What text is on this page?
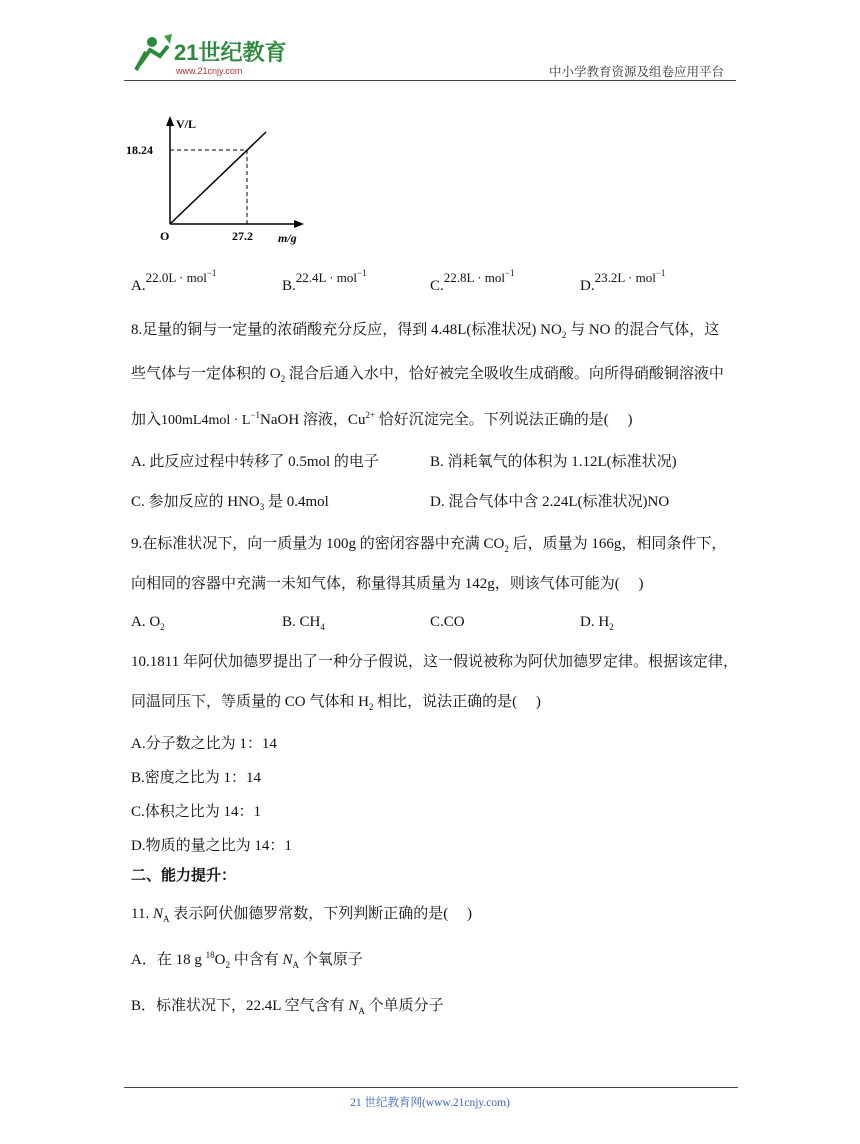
21世纪教育
www.21cnjy.com	中小学教育资源及组卷应用平台
V/L
18.24
O	27.2 m/g
A.22.0L · mol$^{-1}$
B.22.4L · mol$^{-1}$
C.22.8L · mol$^{-1}$
D.23.2L · mol$^{-1}$
8.足量的铜与一定量的浓硝酸充分反应，得到 4.48L(标准状况) $NO_2$ 与 NO 的混合气体，这
些气体与一定体积的 $O_2$ 混合后通入水中，恰好被完全吸收生成硝酸。向所得硝酸铜溶液中
加入$100mL4mol \cdot L^{-1}NaOH$ 溶液，$Cu^{2+}$ 恰好沉淀完全。下列说法正确的是(　 )
A. 此反应过程中转移了 0.5mol 的电子	B. 消耗氧气的体积为 1.12L(标准状况)
C. 参加反应的 $HNO_3$ 是 0.4mol	D. 混合气体中含 2.24L(标准状况)NO
9.在标准状况下，向一质量为 100g 的密闭容器中充满 $CO_2$ 后，质量为 166g，相同条件下，
向相同的容器中充满一未知气体，称量得其质量为 142g，则该气体可能为(　 )
A. $O_2$	B. $CH_4$	C.CO	D. $H_2$
10.1811 年阿伏加德罗提出了一种分子假说，这一假说被称为阿伏加德罗定律。根据该定律，
同温同压下，等质量的 CO 气体和 $H_2$ 相比，说法正确的是(　 )
A.分子数之比为 1：14
B.密度之比为 1：14
C.体积之比为 14：1
D.物质的量之比为 14：1
二、能力提升：
11. $N_A$ 表示阿伏伽德罗常数，下列判断正确的是(　 )
A．在 18 g $^{18}O_2$ 中含有 $N_A$ 个氧原子
B．标准状况下，22.4L 空气含有 $N_A$ 个单质分子
21 世纪教育网(www.21cnjy.com)
